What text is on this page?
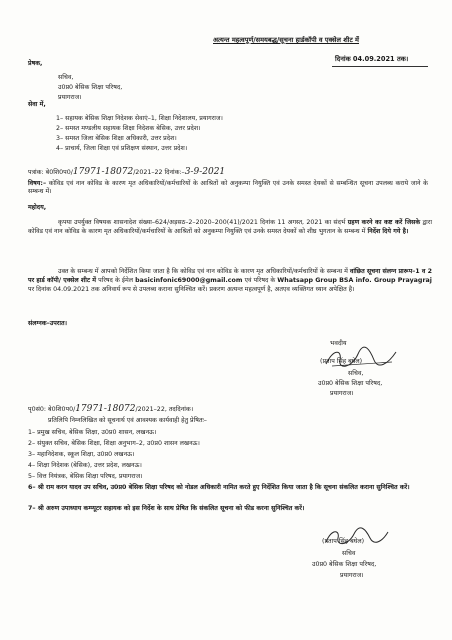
अत्यन्त महत्वपूर्ण/समयबद्ध/सूचना हार्डकॉपी व एक्सेल शीट में
दिनांक 04.09.2021 तक।
प्रेषक,
सचिव,
उ0प्र0 बेसिक शिक्षा परिषद,
प्रयागराज।
सेवा में,
1– सहायक बेसिक शिक्षा निदेशक सेवाएं–1, शिक्षा निदेशालय, प्रयागराज।
2– समस्त मण्डलीय सहायक शिक्षा निदेशक बेसिक, उत्तर प्रदेश।
3– समस्त जिला बेसिक शिक्षा अधिकारी, उत्तर प्रदेश।
4– प्राचार्य, जिला शिक्षा एवं प्रशिक्षण संस्थान, उत्तर प्रदेश।
पत्रांक: बे0शि0प0/17971-18072/2021–22 दिनांक:–3-9-2021
विषय:– कोविड एवं नान कोविड के कारण मृत अधिकारियों/कर्मचारियों के आश्रितों को अनुकम्पा नियुक्ति एवं उनके समस्त देयकों से सम्बन्धित सूचना उपलब्ध कराये जाने के सम्बन्ध में।
महोदय,
कृपया उपर्युक्त विषयक शासनादेश संख्या–624/अड़सठ–2–2020–200(41)/2021 दिनांक 11 अगस्त, 2021 का संदर्भ ग्रहण करने का कष्ट करें जिसके द्वारा कोविड एवं नान कोविड के कारण मृत अधिकारियों/कर्मचारियों के आश्रितों को अनुकम्पा नियुक्ति एवं उनके समस्त देयकों को शीघ्र भुगतान के सम्बन्ध में निर्देश दिये गये है।
उक्त के सम्बन्ध में आपको निर्देशित किया जाता है कि कोविड एवं नान कोविड के कारण मृत अधिकारियों/कर्मचारियों के सम्बन्ध में वांछित सूचना संलग्न प्रारूप–1 व 2 पर हार्ड कॉपी/ एक्सेल शीट में परिषद के ईमेल basicinfonic69000@gmail.com एवं परिषद के Whatsapp Group BSA info. Group Prayagraj पर दिनांक 04.09.2021 तक अनिवार्य रूप से उपलब्ध कराना सुनिश्चित करें। प्रकरण अत्यन्त महत्वपूर्ण है, अतएव व्यक्तिगत ध्यान अपेक्षित है।
संलग्नक–उपरात।
भवदीय
(प्रताप सिंह बघेल)
सचिव,
उ0प्र0 बेसिक शिक्षा परिषद,
प्रयागराज।
पृ0सं0: बे0शि0प0/17971-18072/2021–22, तददिनांक।
प्रतिलिपि निम्नलिखित को सूचनार्थ एवं आवश्यक कार्यवाही हेतु प्रेषितः–
1– प्रमुख सचिव, बेसिक शिक्षा, उ0प्र0 शासन, लखनऊ।
2– संयुक्त सचिव, बेसिक शिक्षा, शिक्षा अनुभाग–2, उ0प्र0 शासन लखनऊ।
3– महानिदेशक, स्कूल शिक्षा, उ0प्र0 लखनऊ।
4– शिक्षा निदेशक (बेसिक), उत्तर प्रदेश, लखनऊ।
5– वित्त नियंत्रक, बेसिक शिक्षा परिषद, प्रयागराज।
6– श्री राम करन यादव उप सचिव, उ0प्र0 बेसिक शिक्षा परिषद को नोडल अधिकारी नामित करते हुए निर्देशित किया जाता है कि सूचना संकलित कराना सुनिश्चित करें।
7– श्री अरुण उपाध्याय कम्प्यूटर सहायक को इस निर्देश के साथ प्रेषित कि संकलित सूचना को फीड करना सुनिश्चित करें।
(प्रताप सिंह बघेल)
सचिव
उ0प्र0 बेसिक शिक्षा परिषद,
प्रयागराज।
